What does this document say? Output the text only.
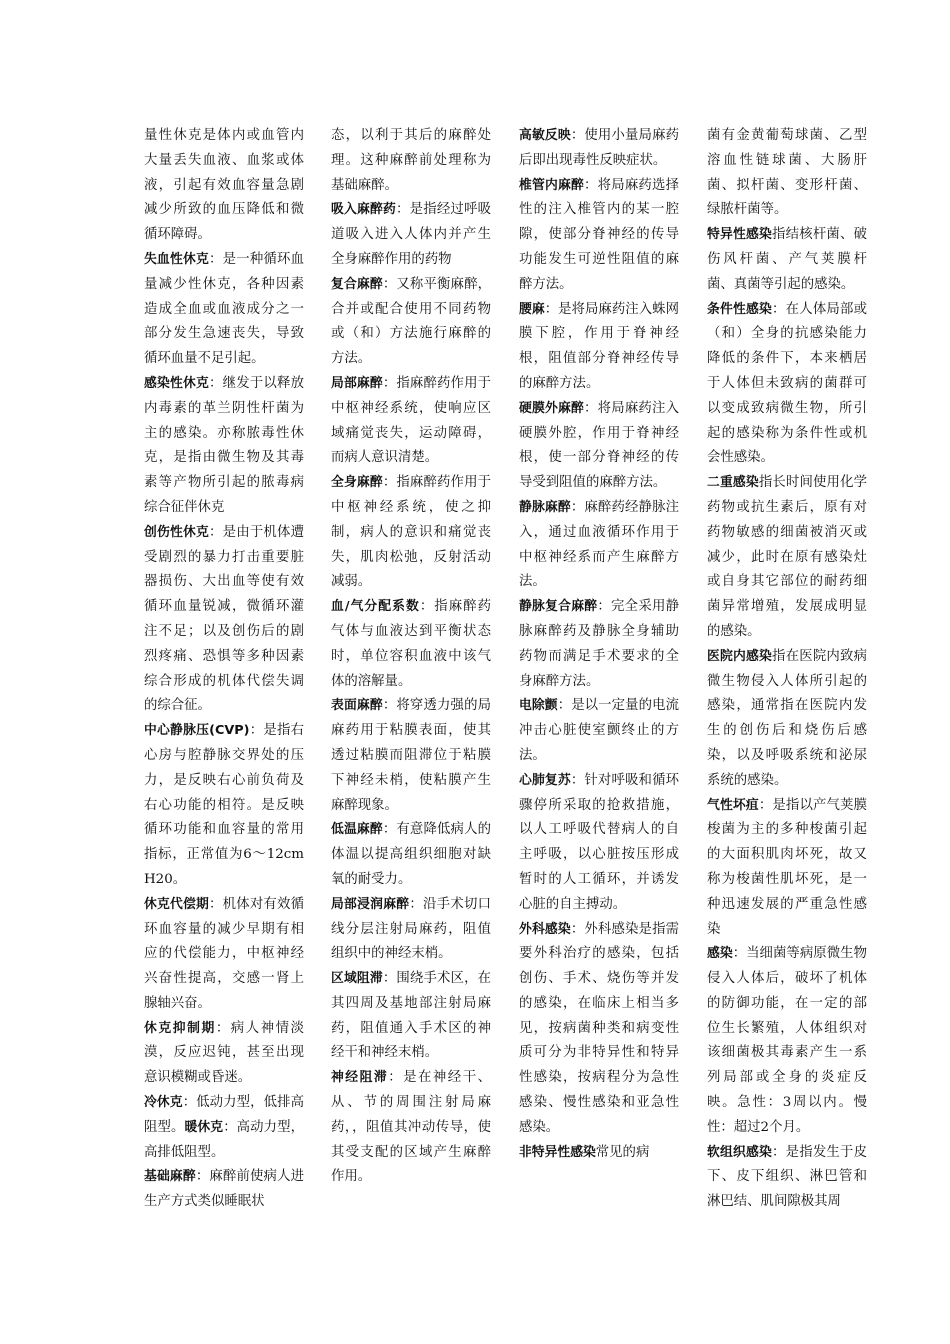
量性休克是体内或血管内大量丢失血液、血浆或体液，引起有效血容量急剧减少所致的血压降低和微循环障碍。
失血性休克：是一种循环血量减少性休克，各种因素造成全血或血液成分之一部分发生急速丧失，导致循环血量不足引起。
感染性休克：继发于以释放内毒素的革兰阴性杆菌为主的感染。亦称脓毒性休克，是指由微生物及其毒素等产物所引起的脓毒病综合征伴休克
创伤性休克：是由于机体遭受剧烈的暴力打击重要脏器损伤、大出血等使有效循环血量锐减，微循环灌注不足；以及创伤后的剧烈疼痛、恐惧等多种因素综合形成的机体代偿失调的综合征。
中心静脉压(CVP)：是指右心房与腔静脉交界处的压力，是反映右心前负荷及右心功能的相符。是反映循环功能和血容量的常用指标，正常值为6～12cmH20。
休克代偿期：机体对有效循环血容量的减少早期有相应的代偿能力，中枢神经兴奋性提高，交感一肾上腺轴兴奋。
休克抑制期：病人神情淡漠，反应迟钝，甚至出现意识模糊或昏迷。
冷休克：低动力型，低排高阻型。暖休克：高动力型，高排低阻型。
基础麻醉：麻醉前使病人进生产方式类似睡眠状
态，以利于其后的麻醉处理。这种麻醉前处理称为基础麻醉。
吸入麻醉药：是指经过呼吸道吸入进入人体内并产生全身麻醉作用的药物
复合麻醉：又称平衡麻醉，合并或配合使用不同药物或（和）方法施行麻醉的方法。
局部麻醉：指麻醉药作用于中枢神经系统，使响应区域痛觉丧失，运动障碍，而病人意识清楚。
全身麻醉：指麻醉药作用于中枢神经系统，使之抑制，病人的意识和痛觉丧失，肌肉松弛，反射活动减弱。
血/气分配系数：指麻醉药气体与血液达到平衡状态时，单位容积血液中该气体的溶解量。
表面麻醉：将穿透力强的局麻药用于粘膜表面，使其透过粘膜而阻滞位于粘膜下神经未梢，使粘膜产生麻醉现象。
低温麻醉：有意降低病人的体温以提高组织细胞对缺氧的耐受力。
局部浸润麻醉：沿手术切口线分层注射局麻药，阻值组织中的神经末梢。
区域阻滞：围绕手术区，在其四周及基地部注射局麻药，阻值通入手术区的神经干和神经末梢。
神经阻滞：是在神经干、从、节的周围注射局麻药，，阻值其冲动传导，使其受支配的区域产生麻醉作用。
高敏反映：使用小量局麻药后即出现毒性反映症状。
椎管内麻醉：将局麻药选择性的注入椎管内的某一腔隙，使部分脊神经的传导功能发生可逆性阻值的麻醉方法。
腰麻：是将局麻药注入蛛网膜下腔，作用于脊神经根，阻值部分脊神经传导的麻醉方法。
硬膜外麻醉：将局麻药注入硬膜外腔，作用于脊神经根，使一部分脊神经的传导受到阻值的麻醉方法。
静脉麻醉：麻醉药经静脉注入，通过血液循环作用于中枢神经系而产生麻醉方法。
静脉复合麻醉：完全采用静脉麻醉药及静脉全身辅助药物而满足手术要求的全身麻醉方法。
电除颤：是以一定量的电流冲击心脏使室颤终止的方法。
心肺复苏：针对呼吸和循环骤停所采取的抢救措施，以人工呼吸代替病人的自主呼吸，以心脏按压形成暂时的人工循环，并诱发心脏的自主搏动。
外科感染：外科感染是指需要外科治疗的感染，包括创伤、手术、烧伤等并发的感染，在临床上相当多见，按病菌种类和病变性质可分为非特异性和特异性感染，按病程分为急性感染、慢性感染和亚急性感染。
非特异性感染常见的病
菌有金黄葡萄球菌、乙型溶血性链球菌、大肠肝菌、拟杆菌、变形杆菌、绿脓杆菌等。
特异性感染指结核杆菌、破伤风杆菌、产气荚膜杆菌、真菌等引起的感染。
条件性感染：在人体局部或（和）全身的抗感染能力降低的条件下，本来栖居于人体但未致病的菌群可以变成致病微生物，所引起的感染称为条件性或机会性感染。
二重感染指长时间使用化学药物或抗生素后，原有对药物敏感的细菌被消灭或减少，此时在原有感染灶或自身其它部位的耐药细菌异常增殖，发展成明显的感染。
医院内感染指在医院内致病微生物侵入人体所引起的感染，通常指在医院内发生的创伤后和烧伤后感染，以及呼吸系统和泌尿系统的感染。
气性坏疽：是指以产气荚膜梭菌为主的多种梭菌引起的大面积肌肉坏死，故又称为梭菌性肌坏死，是一种迅速发展的严重急性感染
感染：当细菌等病原微生物侵入人体后，破坏了机体的防御功能，在一定的部位生长繁殖，人体组织对该细菌极其毒素产生一系列局部或全身的炎症反映。急性：3周以内。慢性：超过2个月。
软组织感染：是指发生于皮下、皮下组织、淋巴管和淋巴结、肌间隙极其周
